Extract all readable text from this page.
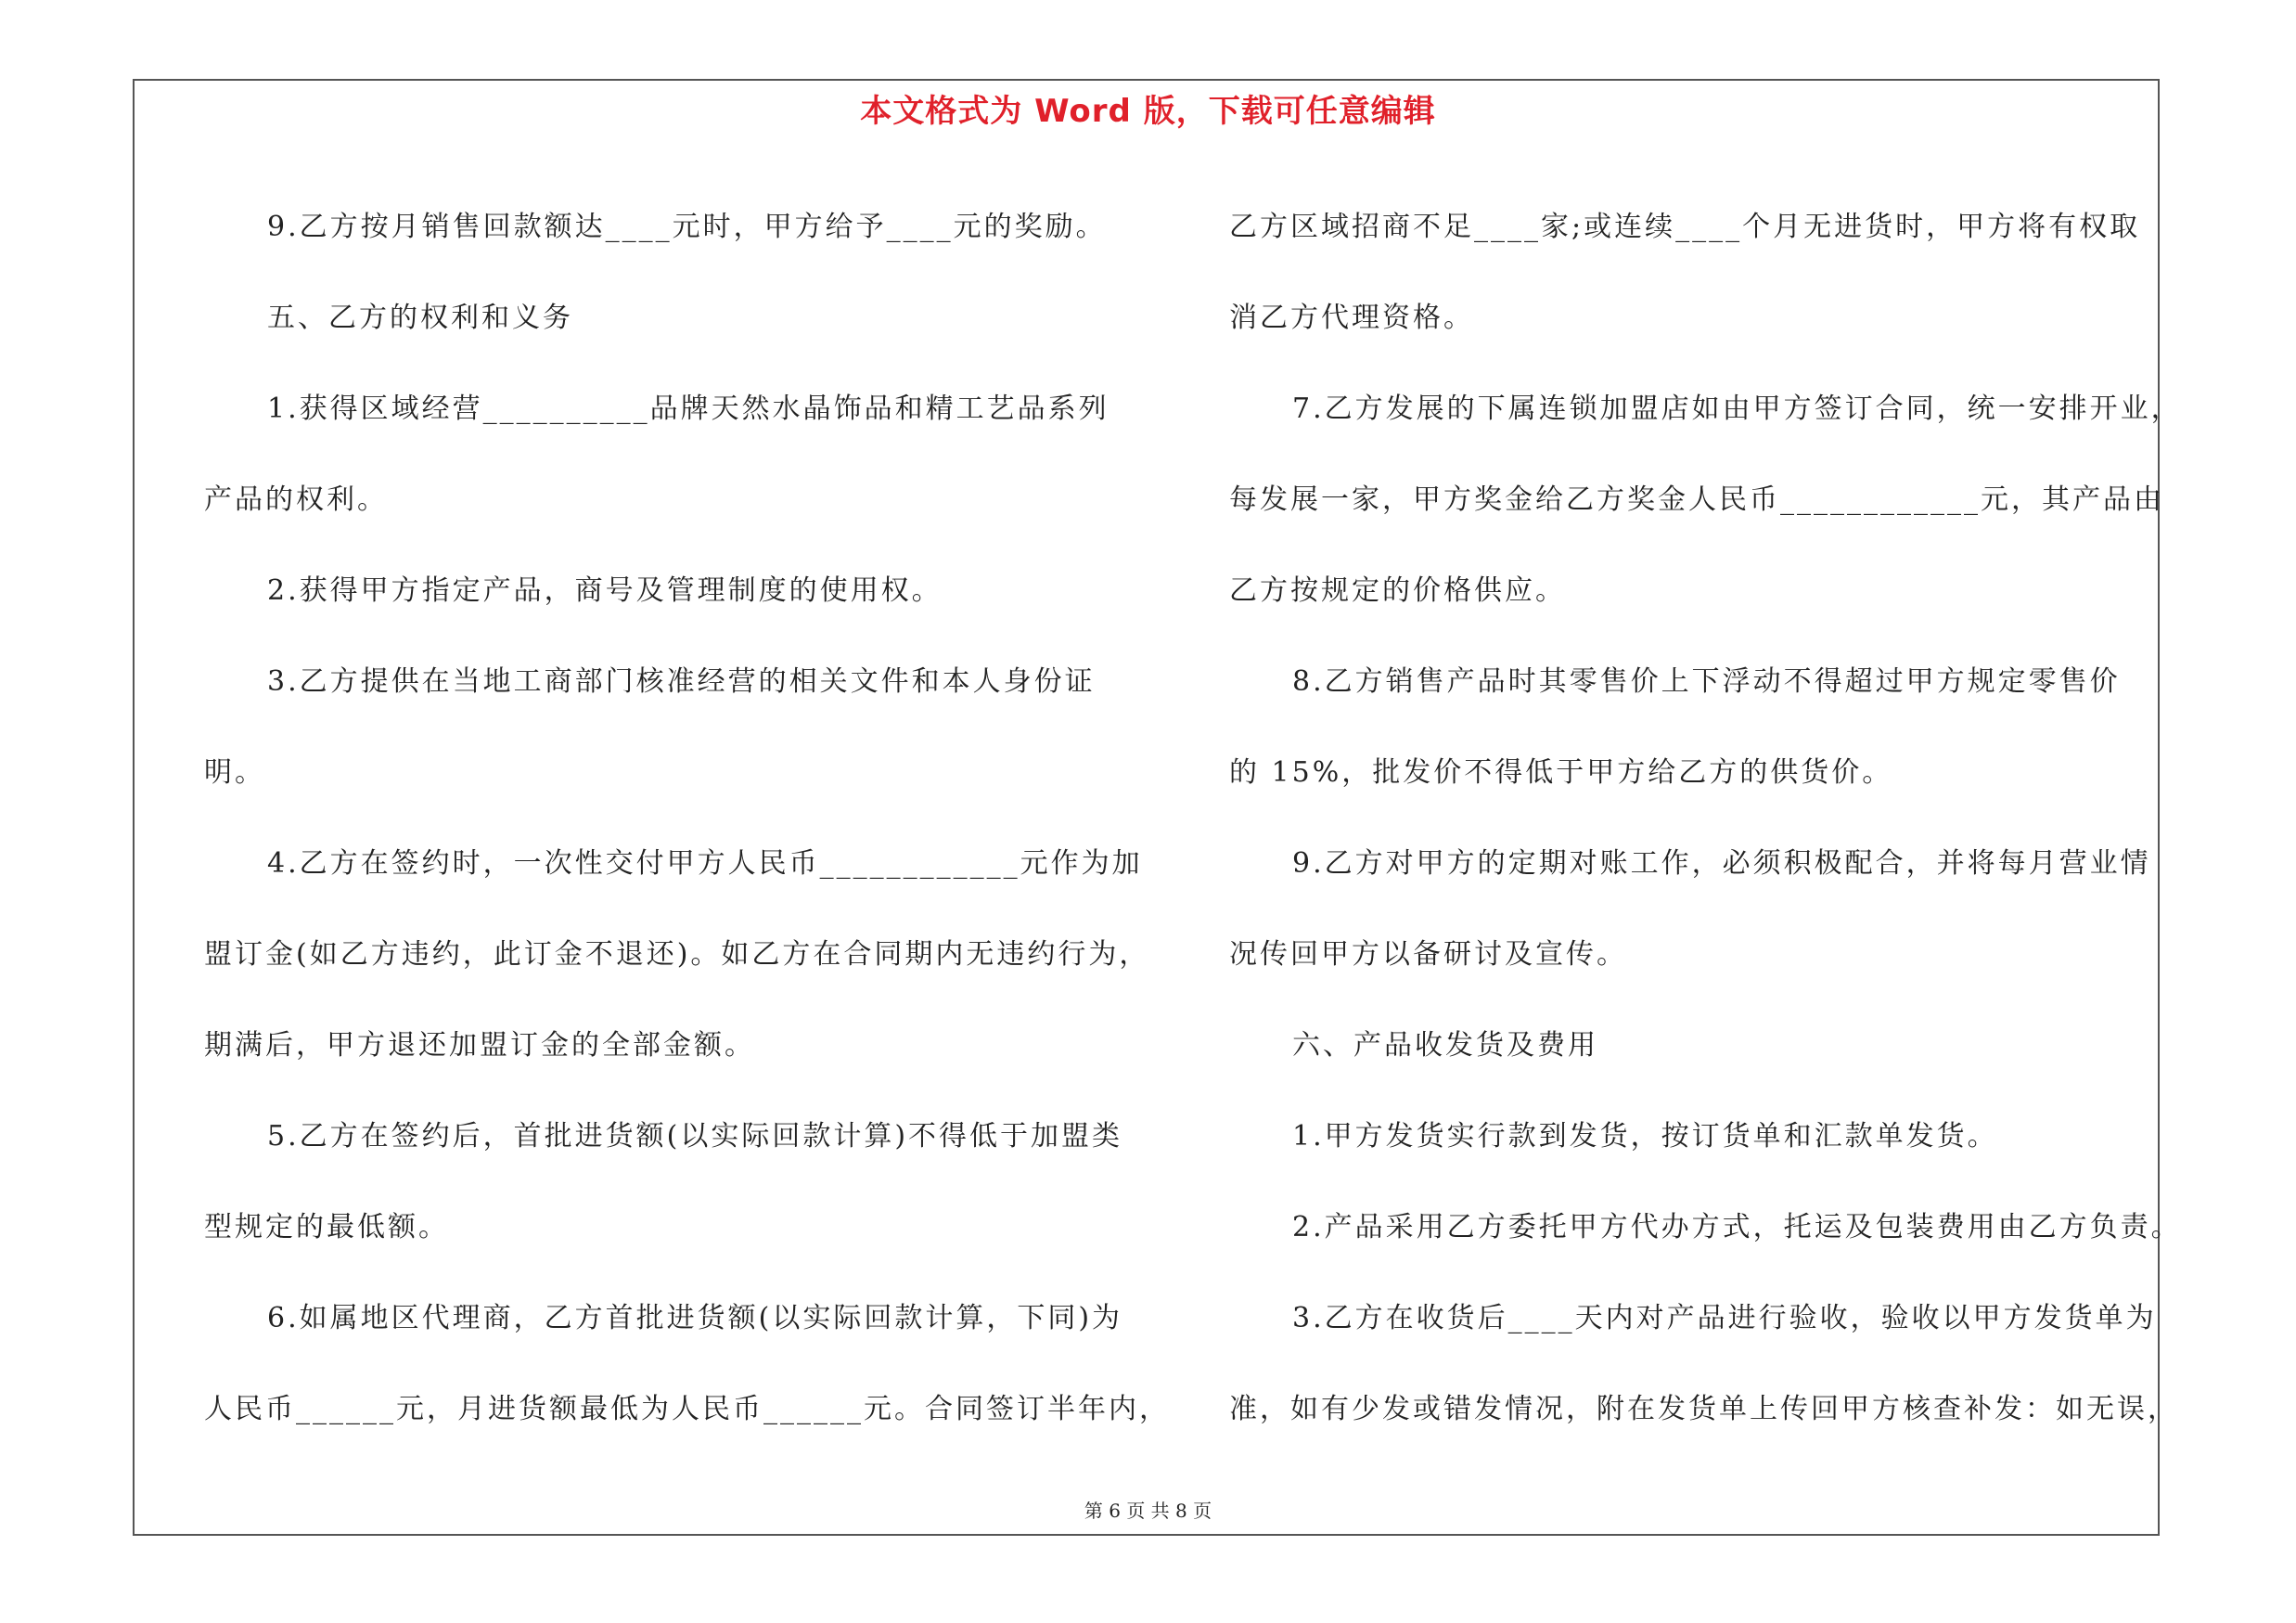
本文格式为 Word 版，下载可任意编辑
9.乙方按月销售回款额达____元时，甲方给予____元的奖励。
五、乙方的权利和义务
1.获得区域经营__________品牌天然水晶饰品和精工艺品系列
产品的权利。
2.获得甲方指定产品，商号及管理制度的使用权。
3.乙方提供在当地工商部门核准经营的相关文件和本人身份证
明。
4.乙方在签约时，一次性交付甲方人民币____________元作为加
盟订金(如乙方违约，此订金不退还)。如乙方在合同期内无违约行为，
期满后，甲方退还加盟订金的全部金额。
5.乙方在签约后，首批进货额(以实际回款计算)不得低于加盟类
型规定的最低额。
6.如属地区代理商，乙方首批进货额(以实际回款计算，下同)为
人民币______元，月进货额最低为人民币______元。合同签订半年内，
乙方区域招商不足____家;或连续____个月无进货时，甲方将有权取
消乙方代理资格。
7.乙方发展的下属连锁加盟店如由甲方签订合同，统一安排开业，
每发展一家，甲方奖金给乙方奖金人民币____________元，其产品由
乙方按规定的价格供应。
8.乙方销售产品时其零售价上下浮动不得超过甲方规定零售价
的 15%，批发价不得低于甲方给乙方的供货价。
9.乙方对甲方的定期对账工作，必须积极配合，并将每月营业情
况传回甲方以备研讨及宣传。
六、产品收发货及费用
1.甲方发货实行款到发货，按订货单和汇款单发货。
2.产品采用乙方委托甲方代办方式，托运及包装费用由乙方负责。
3.乙方在收货后____天内对产品进行验收，验收以甲方发货单为
准，如有少发或错发情况，附在发货单上传回甲方核查补发：如无误，
第 6 页 共 8 页
